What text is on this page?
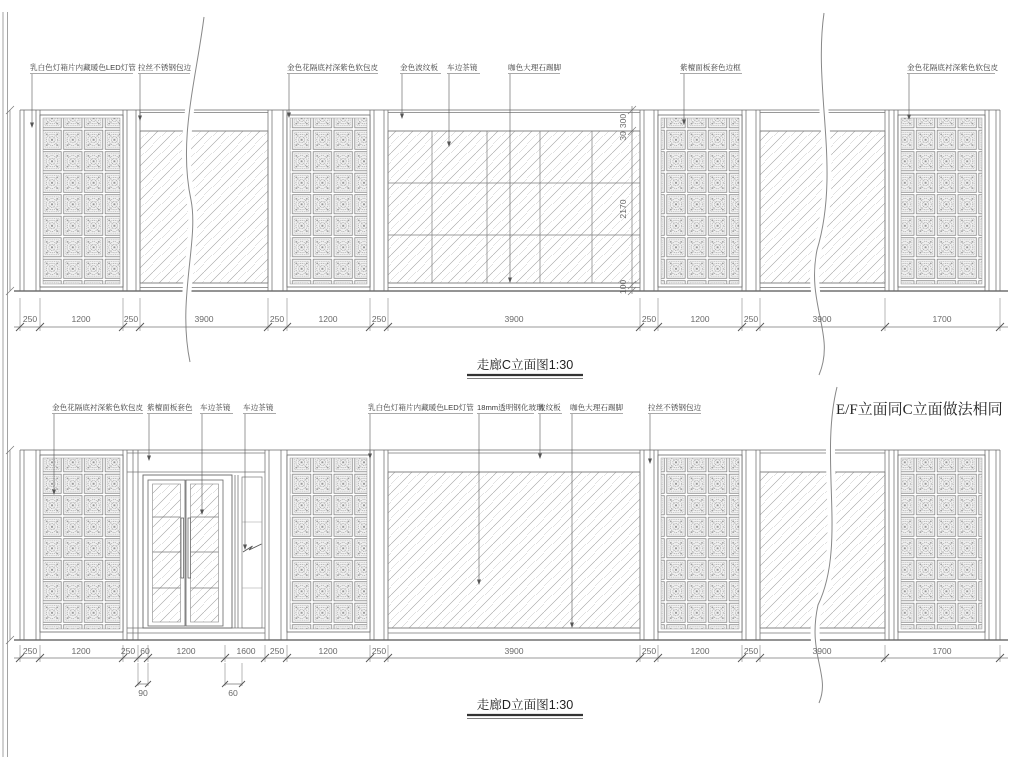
300
30
2170
100
乳白色灯箱片内藏暖色LED灯管 拉丝不锈钢包边	金色花隔底衬深紫色软包皮	金色波纹板 车边茶镜	咖色大理石踢脚	紫檀面板套色边框	金色花隔底衬深紫色软包皮
250	1200	250	3900	250	1200	250	3900	250	1200	250	3900	1700
走廊C立面图1:30
金色花隔底衬深紫色软包皮 紫檀面板套色 车边茶镜 车边茶镜	乳白色灯箱片内藏暖色LED灯管 18mm透明钢化玻璃
波纹板 咖色大理石踢脚	拉丝不锈钢包边
250	1200	250 60	1200	1600 250	1200	250	3900	250	1200	250	3900	1700
90	60
走廊D立面图1:30
E/F立面同C立面做法相同
